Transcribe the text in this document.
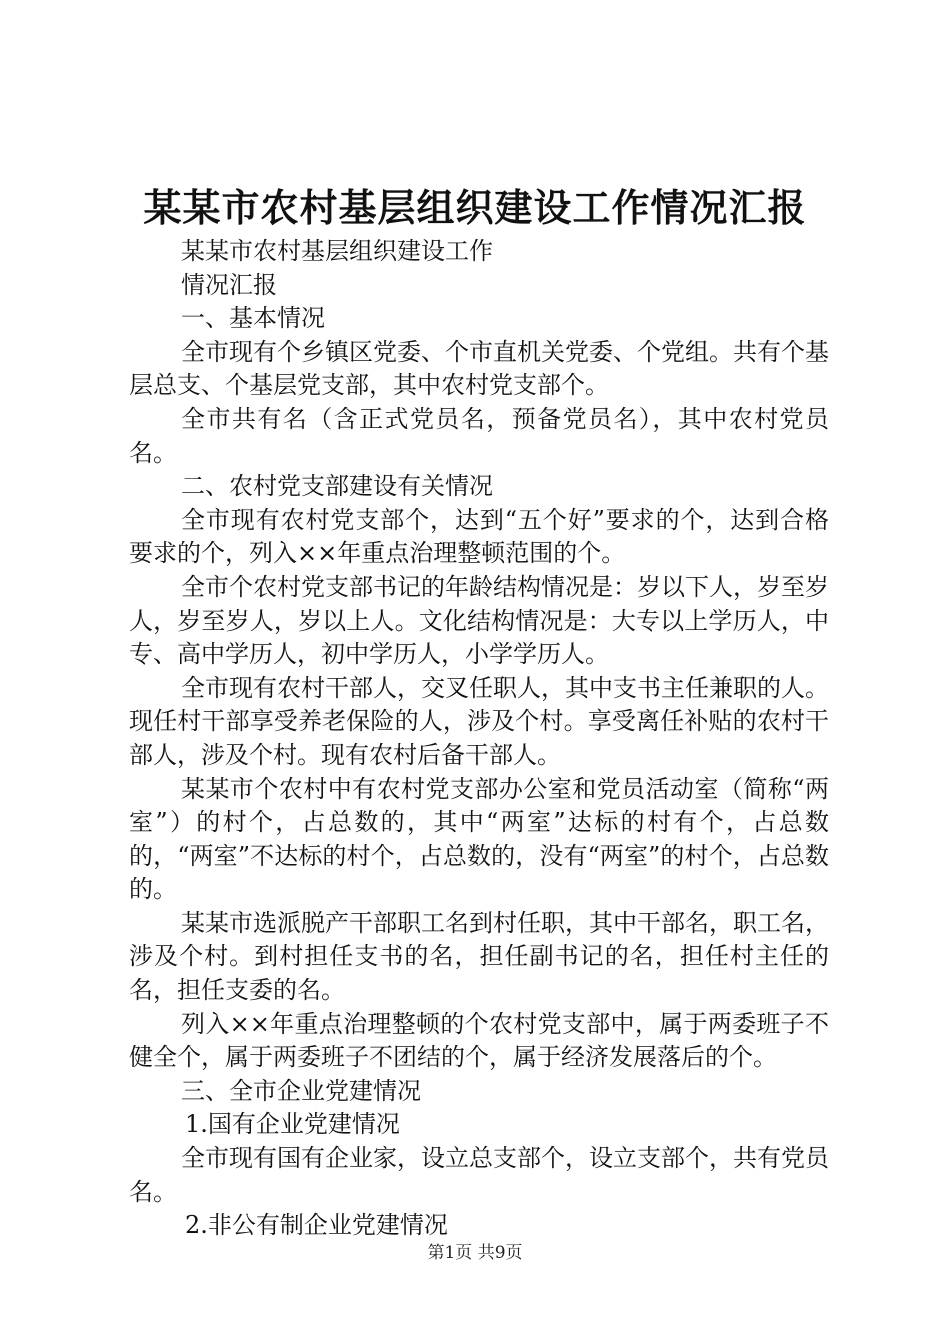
某某市农村基层组织建设工作情况汇报

某某市农村基层组织建设工作

情况汇报

一、基本情况

全市现有个乡镇区党委、个市直机关党委、个党组。共有个基层总支、个基层党支部，其中农村党支部个。

全市共有名（含正式党员名，预备党员名），其中农村党员名。

二、农村党支部建设有关情况

全市现有农村党支部个，达到“五个好”要求的个，达到合格要求的个，列入××年重点治理整顿范围的个。

全市个农村党支部书记的年龄结构情况是：岁以下人，岁至岁人，岁至岁人，岁以上人。文化结构情况是：大专以上学历人，中专、高中学历人，初中学历人，小学学历人。

全市现有农村干部人，交叉任职人，其中支书主任兼职的人。现任村干部享受养老保险的人，涉及个村。享受离任补贴的农村干部人，涉及个村。现有农村后备干部人。

某某市个农村中有农村党支部办公室和党员活动室（简称“两室”）的村个，占总数的，其中“两室”达标的村有个，占总数的，“两室”不达标的村个，占总数的，没有“两室”的村个，占总数的。

某某市选派脱产干部职工名到村任职，其中干部名，职工名，涉及个村。到村担任支书的名，担任副书记的名，担任村主任的名，担任支委的名。

列入××年重点治理整顿的个农村党支部中，属于两委班子不健全个，属于两委班子不团结的个，属于经济发展落后的个。

三、全市企业党建情况

1.国有企业党建情况

全市现有国有企业家，设立总支部个，设立支部个，共有党员名。

2.非公有制企业党建情况

第1页 共9页
